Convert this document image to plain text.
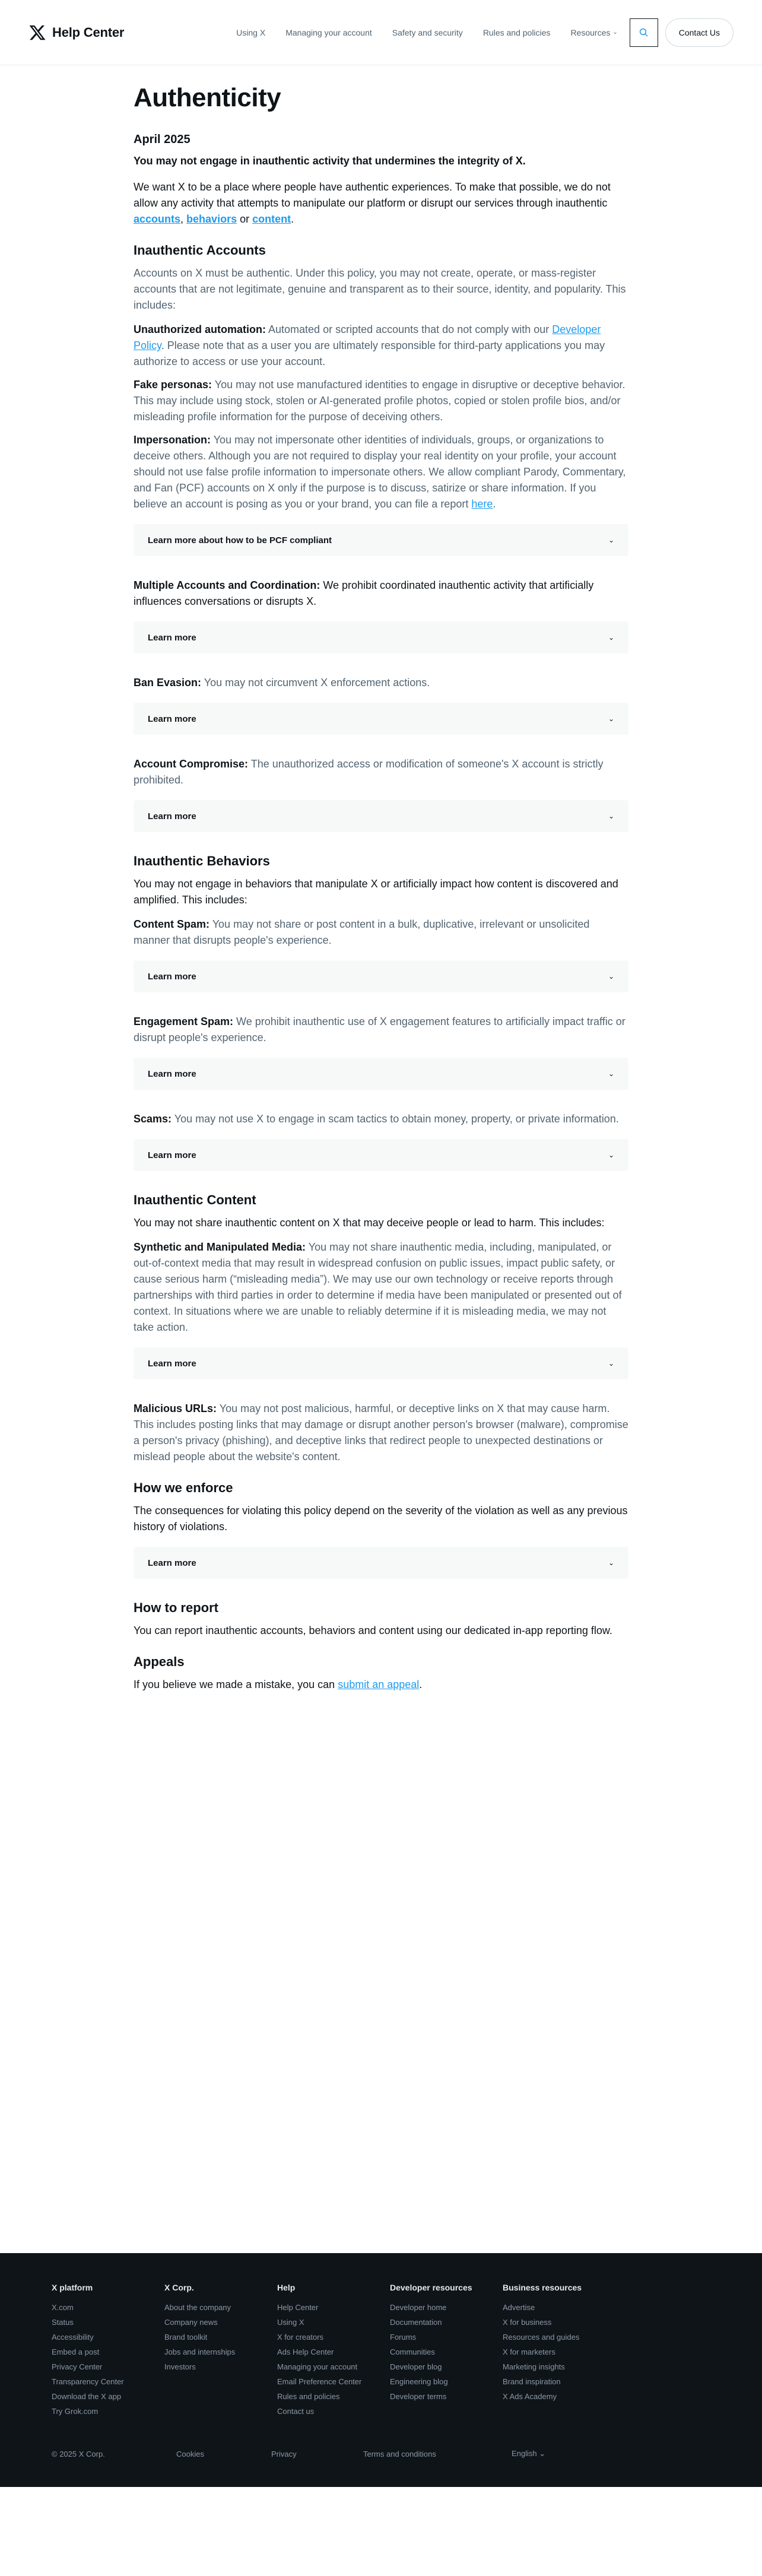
Help Center	Using X Managing your account Safety and security Rules and policies Resources ⌄	Contact Us
Authenticity
April 2025
You may not engage in inauthentic activity that undermines the integrity of X.

We want X to be a place where people have authentic experiences. To make that possible, we do not allow any activity that attempts to manipulate our platform or disrupt our services through inauthentic accounts, behaviors or content.

Inauthentic Accounts

Accounts on X must be authentic. Under this policy, you may not create, operate, or mass-register accounts that are not legitimate, genuine and transparent as to their source, identity, and popularity. This includes:

Unauthorized automation: Automated or scripted accounts that do not comply with our Developer Policy. Please note that as a user you are ultimately responsible for third-party applications you may authorize to access or use your account.

Fake personas: You may not use manufactured identities to engage in disruptive or deceptive behavior. This may include using stock, stolen or AI-generated profile photos, copied or stolen profile bios, and/or misleading profile information for the purpose of deceiving others.

Impersonation: You may not impersonate other identities of individuals, groups, or organizations to deceive others. Although you are not required to display your real identity on your profile, your account should not use false profile information to impersonate others. We allow compliant Parody, Commentary, and Fan (PCF) accounts on X only if the purpose is to discuss, satirize or share information. If you believe an account is posing as you or your brand, you can file a report here.

Learn more about how to be PCF compliant	⌄

Multiple Accounts and Coordination: We prohibit coordinated inauthentic activity that artificially influences conversations or disrupts X.

Learn more	⌄

Ban Evasion: You may not circumvent X enforcement actions.

Learn more	⌄

Account Compromise: The unauthorized access or modification of someone's X account is strictly prohibited.

Learn more	⌄
Inauthentic Behaviors

You may not engage in behaviors that manipulate X or artificially impact how content is discovered and amplified. This includes:

Content Spam: You may not share or post content in a bulk, duplicative, irrelevant or unsolicited manner that disrupts people's experience.

Learn more	⌄

Engagement Spam: We prohibit inauthentic use of X engagement features to artificially impact traffic or disrupt people's experience.

Learn more	⌄

Scams: You may not use X to engage in scam tactics to obtain money, property, or private information.

Learn more	⌄
Inauthentic Content

You may not share inauthentic content on X that may deceive people or lead to harm. This includes:

Synthetic and Manipulated Media: You may not share inauthentic media, including, manipulated, or out-of-context media that may result in widespread confusion on public issues, impact public safety, or cause serious harm (“misleading media”). We may use our own technology or receive reports through partnerships with third parties in order to determine if media have been manipulated or presented out of context. In situations where we are unable to reliably determine if it is misleading media, we may not take action.

Learn more	⌄

Malicious URLs: You may not post malicious, harmful, or deceptive links on X that may cause harm. This includes posting links that may damage or disrupt another person's browser (malware), compromise a person's privacy (phishing), and deceptive links that redirect people to unexpected destinations or mislead people about the website's content.

How we enforce

The consequences for violating this policy depend on the severity of the violation as well as any previous history of violations.

Learn more	⌄
How to report

You can report inauthentic accounts, behaviors and content using our dedicated in-app reporting flow.

Appeals

If you believe we made a mistake, you can submit an appeal.

X platform
X.com
Status
Accessibility
Embed a post
Privacy Center
Transparency Center
Download the X app
Try Grok.com
X Corp.
About the company
Company news
Brand toolkit
Jobs and internships
Investors
Help
Help Center
Using X
X for creators
Ads Help Center
Managing your account
Email Preference Center
Rules and policies
Contact us
Developer resources
Developer home
Documentation
Forums
Communities
Developer blog
Engineering blog
Developer terms
Business resources
Advertise
X for business
Resources and guides
X for marketers
Marketing insights
Brand inspiration
X Ads Academy
© 2025 X Corp.	Cookies	Privacy	Terms and conditions	English ⌄
